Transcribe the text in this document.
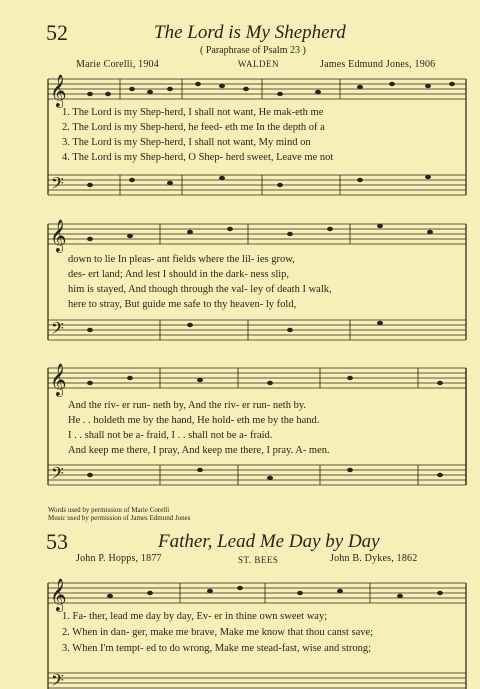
𝄞
𝄞
𝄞
𝄞
𝄢
𝄢
𝄢
𝄢
52	The Lord is My Shepherd
( Paraphrase of Psalm 23 )
Marie Corelli, 1904	WALDEN	James Edmund Jones, 1906
1. The Lord is my Shep-herd, I shall not want, He mak-eth me
2. The Lord is my Shep-herd, he feed- eth me In the depth of a
3. The Lord is my Shep-herd, I shall not want, My mind on
4. The Lord is my Shep-herd, O Shep- herd sweet, Leave me not
down to lie In pleas- ant fields where the lil- ies grow,
des- ert land; And lest I should in the dark- ness slip,
him is stayed, And though through the val- ley of death I walk,
here to stray, But guide me safe to thy heaven- ly fold,
And the riv- er run- neth by, And the riv- er run- neth by.
He . . holdeth me by the hand, He hold- eth me by the hand.
I . . shall not be a- fraid, I . . shall not be a- fraid.
And keep me there, I pray, And keep me there, I pray. A- men.
Words used by permission of Marie Corelli
Music used by permission of James Edmund Jones
53	Father, Lead Me Day by Day
John P. Hopps, 1877	ST. BEES	John B. Dykes, 1862
1. Fa- ther, lead me day by day, Ev- er in thine own sweet way;
2. When in dan- ger, make me brave, Make me know that thou canst save;
3. When I'm tempt- ed to do wrong, Make me stead-fast, wise and strong;
